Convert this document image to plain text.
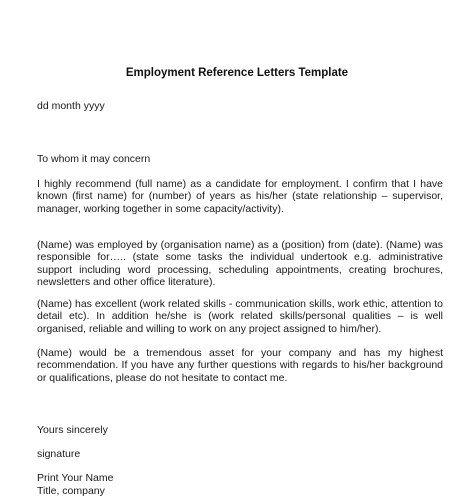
Employment Reference Letters Template
dd month yyyy
To whom it may concern
I highly recommend (full name) as a candidate for employment. I confirm that I have known (first name) for (number) of years as his/her (state relationship – supervisor, manager, working together in some capacity/activity).
(Name) was employed by (organisation name) as a (position) from (date). (Name) was responsible for….. (state some tasks the individual undertook e.g. administrative support including word processing, scheduling appointments, creating brochures, newsletters and other office literature).
(Name) has excellent (work related skills - communication skills, work ethic, attention to detail etc). In addition he/she is (work related skills/personal qualities – is well organised, reliable and willing to work on any project assigned to him/her).
(Name) would be a tremendous asset for your company and has my highest recommendation. If you have any further questions with regards to his/her background or qualifications, please do not hesitate to contact me.
Yours sincerely
signature
Print Your Name
Title, company
